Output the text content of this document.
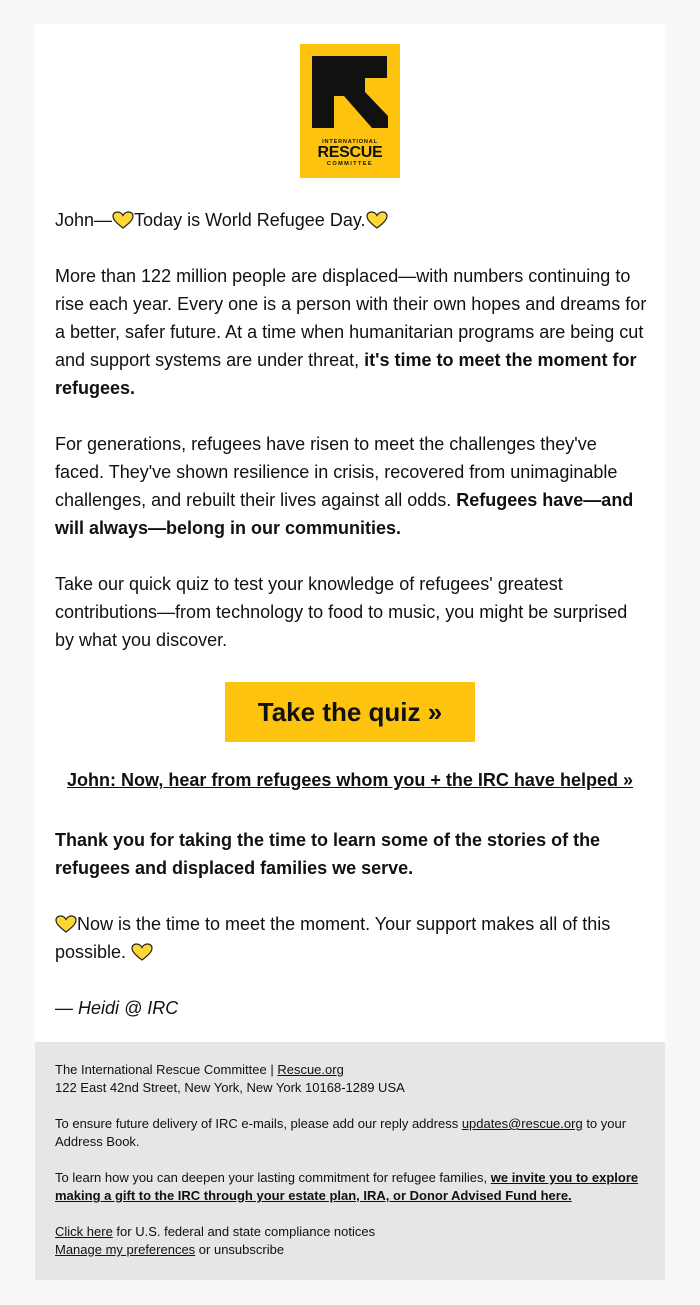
INTERNATIONAL
RESCUE
COMMITTEE
John— Today is World Refugee Day.
More than 122 million people are displaced—with numbers continuing to rise each year. Every one is a person with their own hopes and dreams for a better, safer future. At a time when humanitarian programs are being cut and support systems are under threat, it's time to meet the moment for refugees.
For generations, refugees have risen to meet the challenges they've faced. They've shown resilience in crisis, recovered from unimaginable challenges, and rebuilt their lives against all odds. Refugees have—and will always—belong in our communities.
Take our quick quiz to test your knowledge of refugees' greatest contributions—from technology to food to music, you might be surprised by what you discover.
Take the quiz »
John: Now, hear from refugees whom you + the IRC have helped »
Thank you for taking the time to learn some of the stories of the refugees and displaced families we serve.
Now is the time to meet the moment. Your support makes all of this possible.
— Heidi @ IRC
The International Rescue Committee | Rescue.org
122 East 42nd Street, New York, New York 10168-1289 USA
To ensure future delivery of IRC e-mails, please add our reply address updates@rescue.org to your Address Book.
To learn how you can deepen your lasting commitment for refugee families, we invite you to explore making a gift to the IRC through your estate plan, IRA, or Donor Advised Fund here.
Click here for U.S. federal and state compliance notices
Manage my preferences or unsubscribe
